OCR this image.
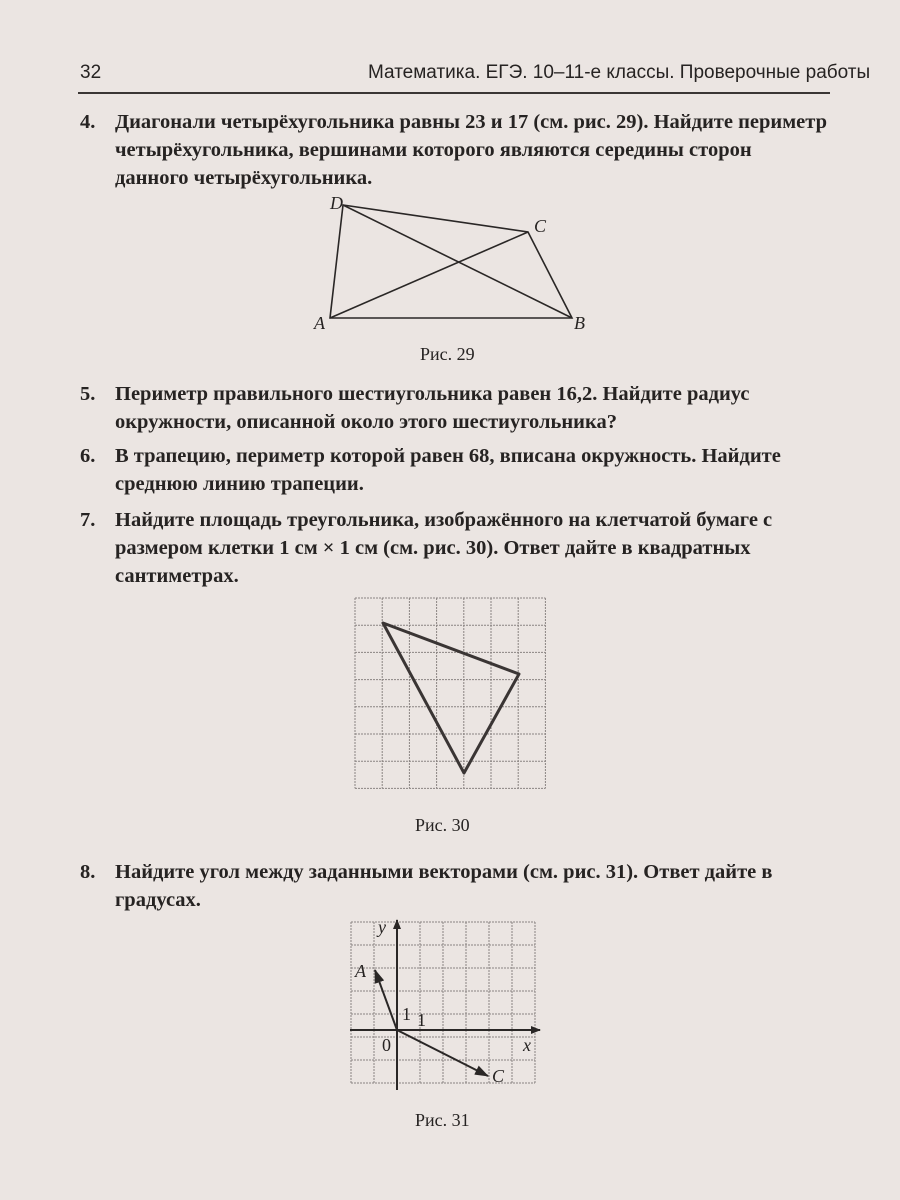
32	Математика. ЕГЭ. 10–11-е классы. Проверочные работы
4. Диагонали четырёхугольника равны 23 и 17 (см. рис. 29). Найдите периметр четырёхугольника, вершинами которого являются середины сторон данного четырёхугольника.
D
C
B
A
Рис. 29
5. Периметр правильного шестиугольника равен 16,2. Найдите радиус окружности, описанной около этого шестиугольника?
6. В трапецию, периметр которой равен 68, вписана окружность. Найдите среднюю линию трапеции.
7. Найдите площадь треугольника, изображённого на клетчатой бумаге с размером клетки 1 см × 1 см (см. рис. 30). Ответ дайте в квадратных сантиметрах.
Рис. 30
8. Найдите угол между заданными векторами (см. рис. 31). Ответ дайте в градусах.
y
x
A
C
0
1 1
Рис. 31
